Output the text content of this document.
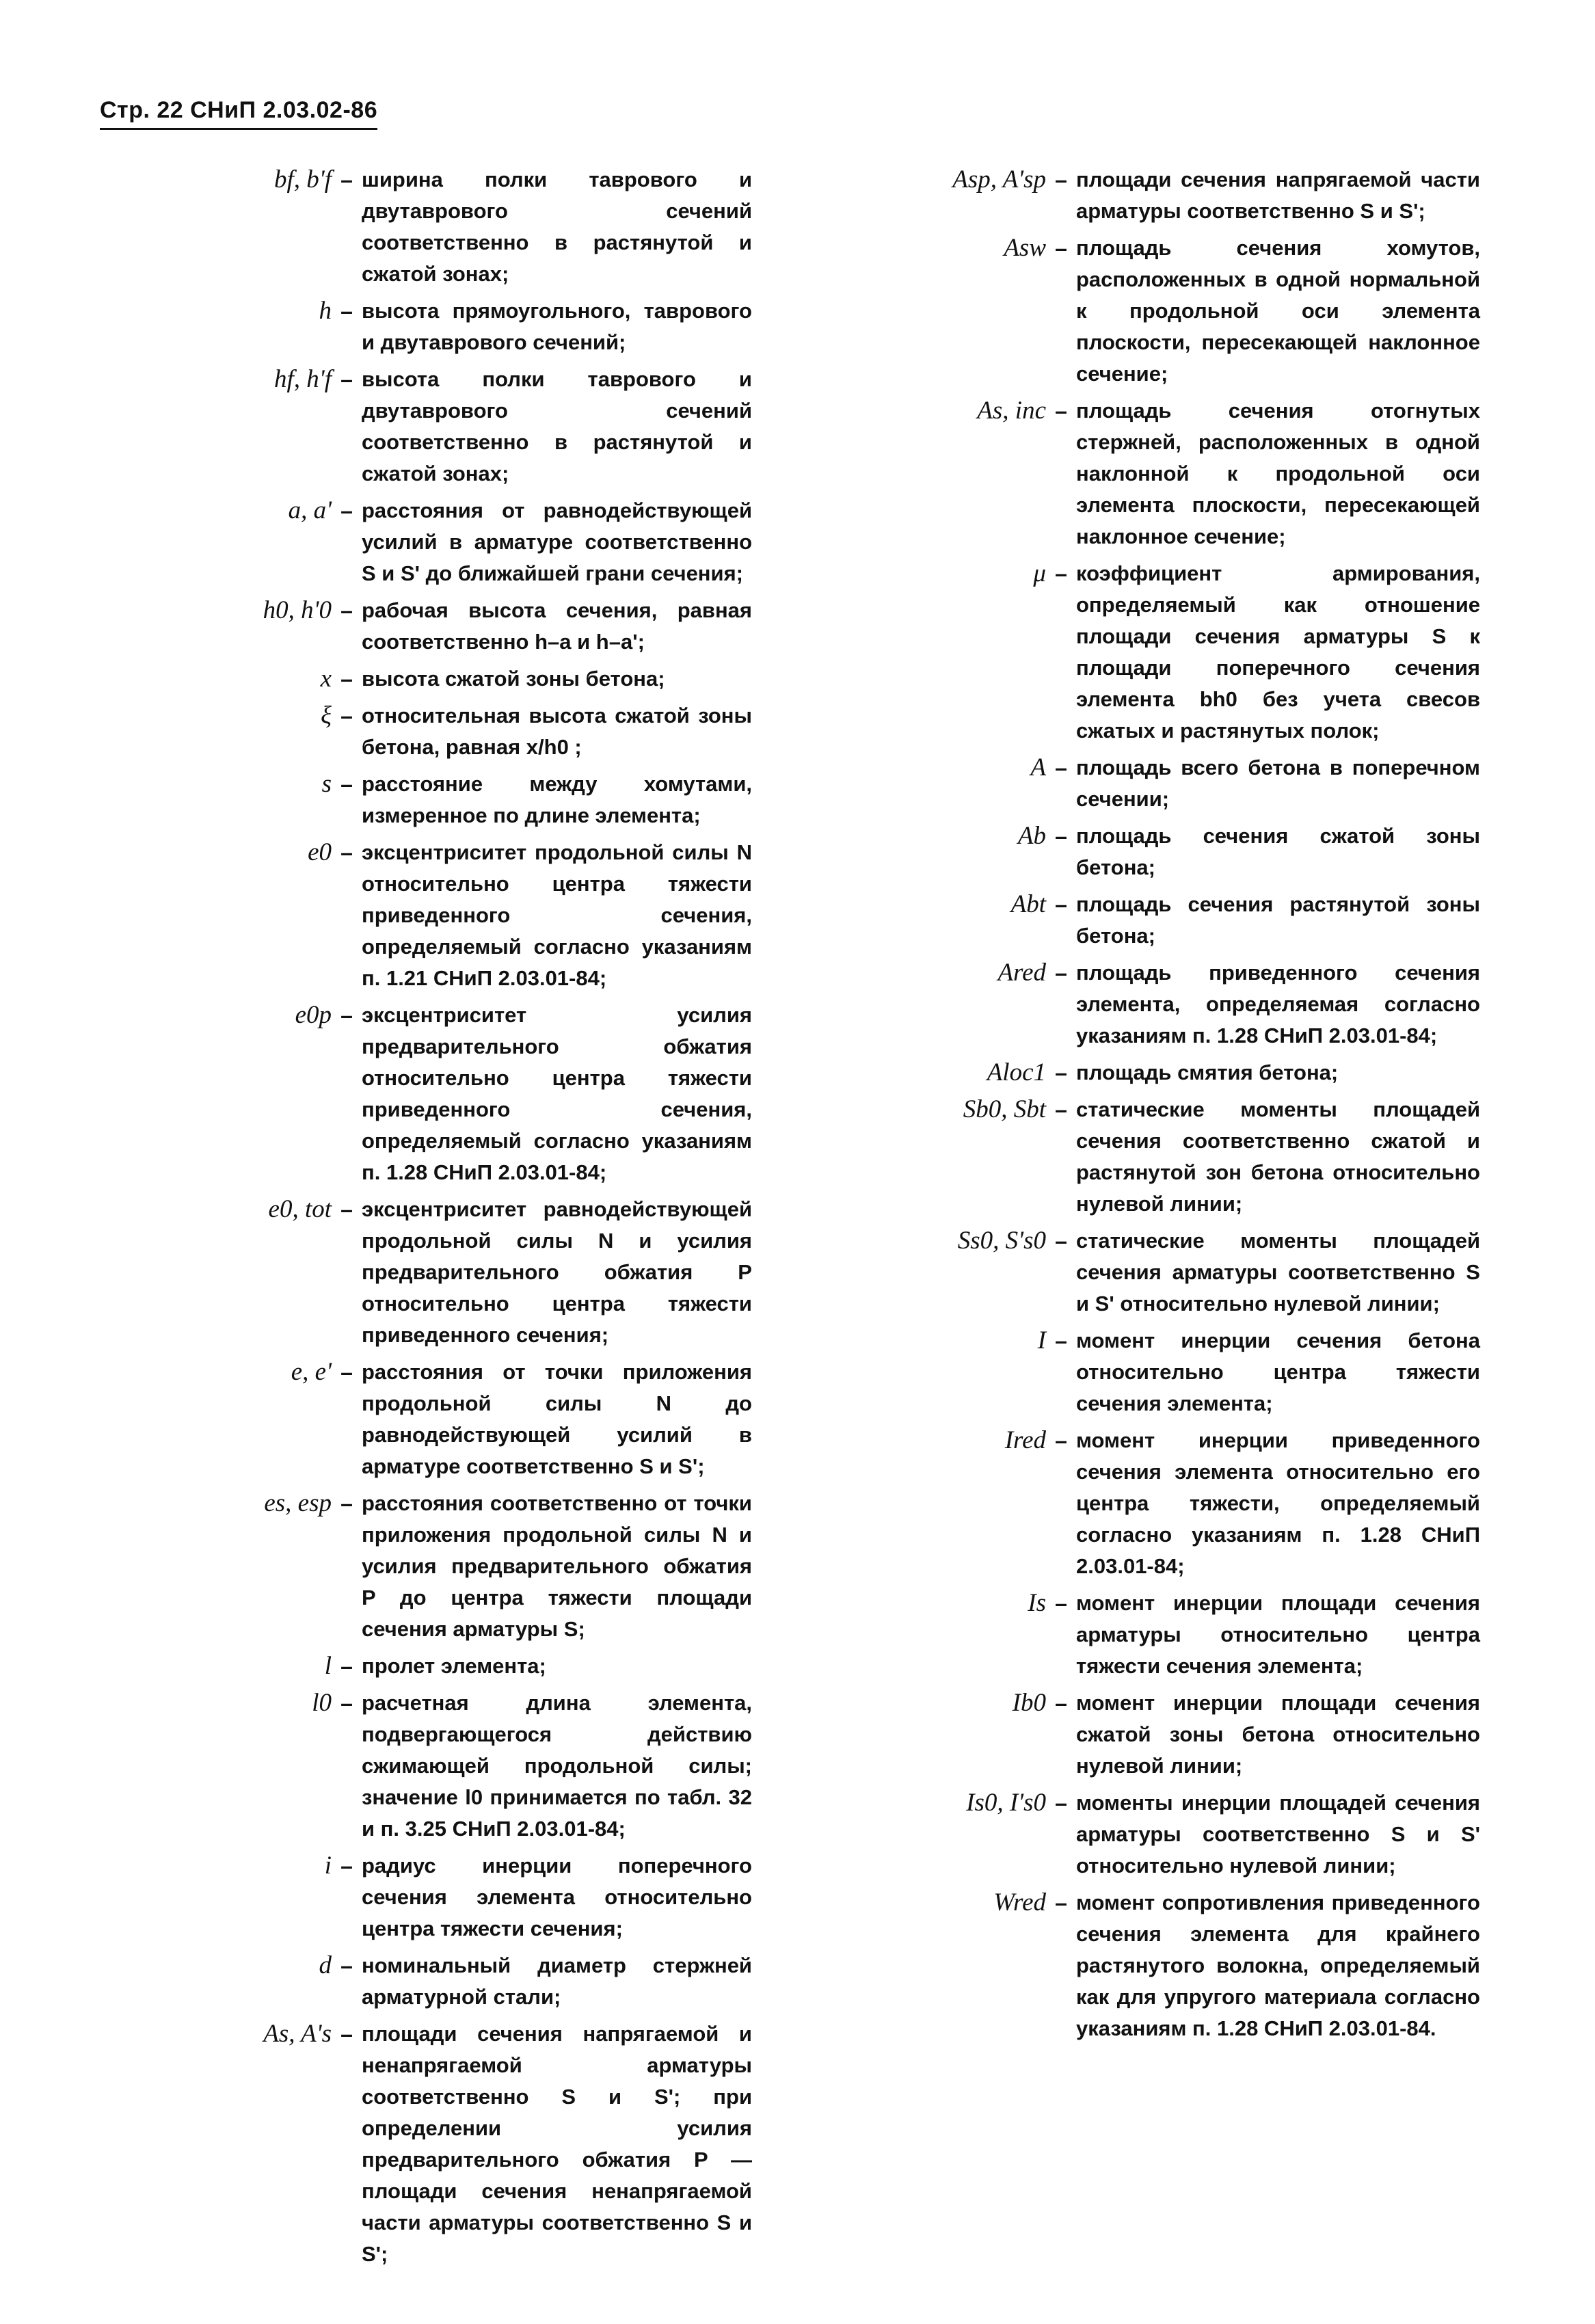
Стр. 22 СНиП 2.03.02-86
bf, b'f – ширина полки таврового и двутаврового сечений соответственно в растянутой и сжатой зонах;
h – высота прямоугольного, таврового и двутаврового сечений;
hf, h'f – высота полки таврового и двутаврового сечений соответственно в растянутой и сжатой зонах;
a, a' – расстояния от равнодействующей усилий в арматуре соответственно S и S' до ближайшей грани сечения;
h0, h'0 – рабочая высота сечения, равная соответственно h–a и h–a';
x – высота сжатой зоны бетона;
ξ – относительная высота сжатой зоны бетона, равная x/h0 ;
s – расстояние между хомутами, измеренное по длине элемента;
e0 – эксцентриситет продольной силы N относительно центра тяжести приведенного сечения, определяемый согласно указаниям п. 1.21 СНиП 2.03.01-84;
e0p – эксцентриситет усилия предварительного обжатия относительно центра тяжести приведенного сечения, определяемый согласно указаниям п. 1.28 СНиП 2.03.01-84;
e0, tot – эксцентриситет равнодействующей продольной силы N и усилия предварительного обжатия P относительно центра тяжести приведенного сечения;
e, e' – расстояния от точки приложения продольной силы N до равнодействующей усилий в арматуре соответственно S и S';
es, esp – расстояния соответственно от точки приложения продольной силы N и усилия предварительного обжатия P до центра тяжести площади сечения арматуры S;
l – пролет элемента;
l0 – расчетная длина элемента, подвергающегося действию сжимающей продольной силы; значение l0 принимается по табл. 32 и п. 3.25 СНиП 2.03.01-84;
i – радиус инерции поперечного сечения элемента относительно центра тяжести сечения;
d – номинальный диаметр стержней арматурной стали;
As, A's – площади сечения напрягаемой и ненапрягаемой арматуры соответственно S и S'; при определении усилия предварительного обжатия P — площади сечения ненапрягаемой части арматуры соответственно S и S';
Asp, A'sp – площади сечения напрягаемой части арматуры соответственно S и S';
Asw – площадь сечения хомутов, расположенных в одной нормальной к продольной оси элемента плоскости, пересекающей наклонное сечение;
As, inc – площадь сечения отогнутых стержней, расположенных в одной наклонной к продольной оси элемента плоскости, пересекающей наклонное сечение;
μ – коэффициент армирования, определяемый как отношение площади сечения арматуры S к площади поперечного сечения элемента bh0 без учета свесов сжатых и растянутых полок;
A – площадь всего бетона в поперечном сечении;
Ab – площадь сечения сжатой зоны бетона;
Abt – площадь сечения растянутой зоны бетона;
Ared – площадь приведенного сечения элемента, определяемая согласно указаниям п. 1.28 СНиП 2.03.01-84;
Aloc1 – площадь смятия бетона;
Sb0, Sbt – статические моменты площадей сечения соответственно сжатой и растянутой зон бетона относительно нулевой линии;
Ss0, S's0 – статические моменты площадей сечения арматуры соответственно S и S' относительно нулевой линии;
I – момент инерции сечения бетона относительно центра тяжести сечения элемента;
Ired – момент инерции приведенного сечения элемента относительно его центра тяжести, определяемый согласно указаниям п. 1.28 СНиП 2.03.01-84;
Is – момент инерции площади сечения арматуры относительно центра тяжести сечения элемента;
Ib0 – момент инерции площади сечения сжатой зоны бетона относительно нулевой линии;
Is0, I's0 – моменты инерции площадей сечения арматуры соответственно S и S' относительно нулевой линии;
Wred – момент сопротивления приведенного сечения элемента для крайнего растянутого волокна, определяемый как для упругого материала согласно указаниям п. 1.28 СНиП 2.03.01-84.
